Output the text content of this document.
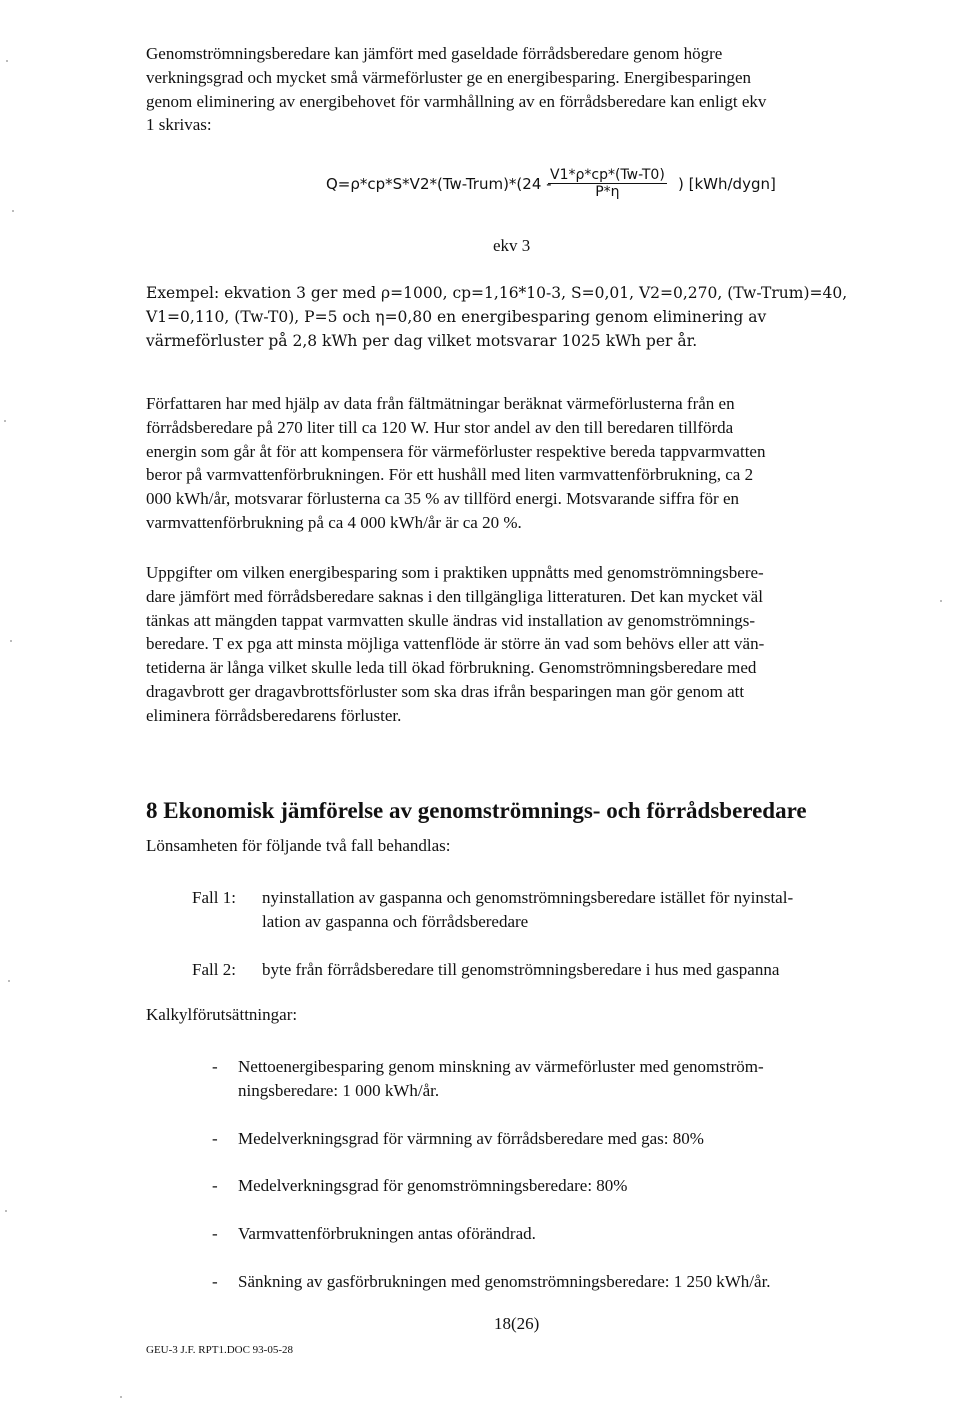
Genomströmningsberedare kan jämfört med gaseldade förrådsberedare genom högre
verkningsgrad och mycket små värmeförluster ge en energibesparing. Energibesparingen
genom eliminering av energibehovet för varmhållning av en förrådsberedare kan enligt ekv
1 skrivas:
Q=ρ*cp*S*V2*(Tw-Trum)*(24 -
$\frac{V1*\rho*cp*(Tw-T0)}{P*\eta}$ ) [kWh/dygn]
ekv 3
Exempel: ekvation 3 ger med ρ=1000, cp=1,16*10-3, S=0,01, V2=0,270, (Tw-Trum)=40,
V1=0,110, (Tw-T0), P=5 och η=0,80 en energibesparing genom eliminering av
värmeförluster på 2,8 kWh per dag vilket motsvarar 1025 kWh per år.
Författaren har med hjälp av data från fältmätningar beräknat värmeförlusterna från en
förrådsberedare på 270 liter till ca 120 W. Hur stor andel av den till beredaren tillförda
energin som går åt för att kompensera för värmeförluster respektive bereda tappvarmvatten
beror på varmvattenförbrukningen. För ett hushåll med liten varmvattenförbrukning, ca 2
000 kWh/år, motsvarar förlusterna ca 35 % av tillförd energi. Motsvarande siffra för en
varmvattenförbrukning på ca 4 000 kWh/år är ca 20 %.
Uppgifter om vilken energibesparing som i praktiken uppnåtts med genomströmningsbere-
dare jämfört med förrådsberedare saknas i den tillgängliga litteraturen. Det kan mycket väl
tänkas att mängden tappat varmvatten skulle ändras vid installation av genomströmnings-
beredare. T ex pga att minsta möjliga vattenflöde är större än vad som behövs eller att vän-
tetiderna är långa vilket skulle leda till ökad förbrukning. Genomströmningsberedare med
dragavbrott ger dragavbrottsförluster som ska dras ifrån besparingen man gör genom att
eliminera förrådsberedarens förluster.
8 Ekonomisk jämförelse av genomströmnings- och förrådsberedare
Lönsamheten för följande två fall behandlas:
Fall 1: nyinstallation av gaspanna och genomströmningsberedare istället för nyinstal-
lation av gaspanna och förrådsberedare
Fall 2: byte från förrådsberedare till genomströmningsberedare i hus med gaspanna
Kalkylförutsättningar:
- Nettoenergibesparing genom minskning av värmeförluster med genomström-
ningsberedare: 1 000 kWh/år.
- Medelverkningsgrad för värmning av förrådsberedare med gas: 80%
- Medelverkningsgrad för genomströmningsberedare: 80%
- Varmvattenförbrukningen antas oförändrad.
- Sänkning av gasförbrukningen med genomströmningsberedare: 1 250 kWh/år.
18(26)
GEU-3 J.F. RPT1.DOC 93-05-28
